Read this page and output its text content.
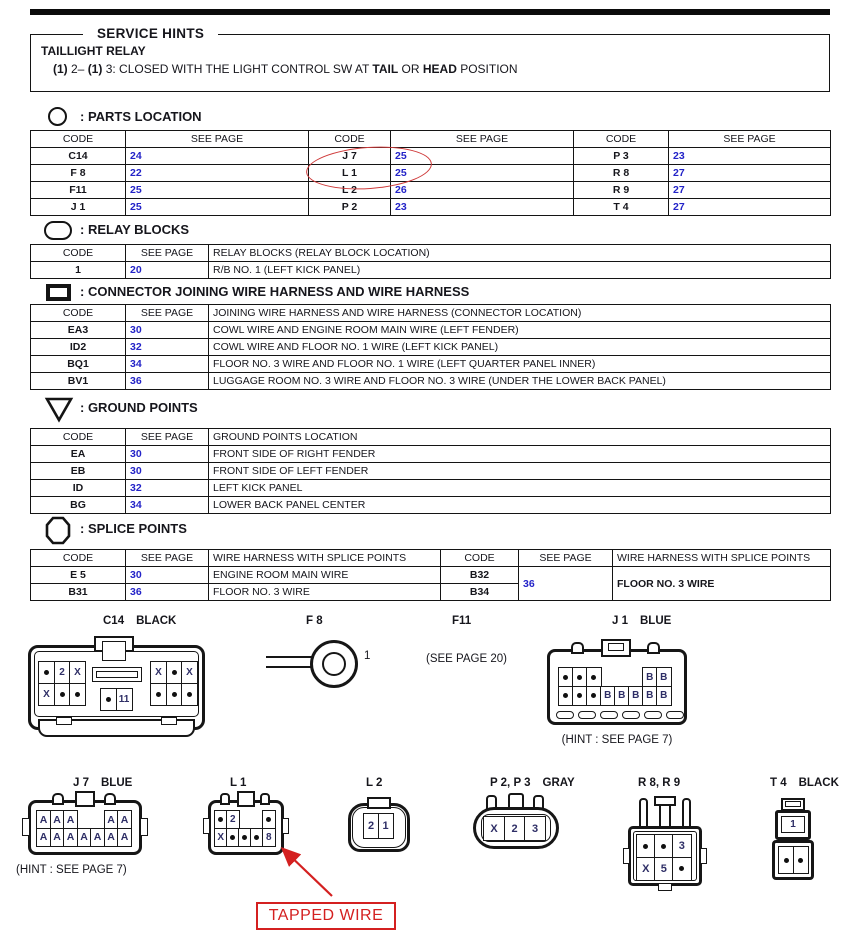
SERVICE HINTS
TAILLIGHT RELAY
(1) 2– (1) 3: CLOSED WITH THE LIGHT CONTROL SW AT TAIL OR HEAD POSITION
: PARTS LOCATION
CODE	SEE PAGE	CODE	SEE PAGE	CODE	SEE PAGE
C14	24	J 7	25	P 3	23
F 8	22	L 1	25	R 8	27
F11	25	L 2	26	R 9	27
J 1	25	P 2	23	T 4	27
: RELAY BLOCKS
CODE	SEE PAGE	RELAY BLOCKS (RELAY BLOCK LOCATION)
1	20	R/B NO. 1 (LEFT KICK PANEL)
: CONNECTOR JOINING WIRE HARNESS AND WIRE HARNESS
CODE	SEE PAGE	JOINING WIRE HARNESS AND WIRE HARNESS (CONNECTOR LOCATION)
EA3	30	COWL WIRE AND ENGINE ROOM MAIN WIRE (LEFT FENDER)
ID2	32	COWL WIRE AND FLOOR NO. 1 WIRE (LEFT KICK PANEL)
BQ1	34	FLOOR NO. 3 WIRE AND FLOOR NO. 1 WIRE (LEFT QUARTER PANEL INNER)
BV1	36	LUGGAGE ROOM NO. 3 WIRE AND FLOOR NO. 3 WIRE (UNDER THE LOWER BACK PANEL)
: GROUND POINTS
CODE	SEE PAGE	GROUND POINTS LOCATION
EA	30	FRONT SIDE OF RIGHT FENDER
EB	30	FRONT SIDE OF LEFT FENDER
ID	32	LEFT KICK PANEL
BG	34	LOWER BACK PANEL CENTER
: SPLICE POINTS
CODE	SEE PAGE	WIRE HARNESS WITH SPLICE POINTS	CODE	SEE PAGE	WIRE HARNESS WITH SPLICE POINTS
E 5	30	ENGINE ROOM MAIN WIRE	B32	36	FLOOR NO. 3 WIRE
B31	36	FLOOR NO. 3 WIRE	B34		
C14 BLACK
2 X
X	11
X	X
F 8
1
F11
(SEE PAGE 20)
J 1 BLUE
B B
B B B B B
(HINT : SEE PAGE 7)
J 7 BLUE
A A A	A A
A A A A A A A
(HINT : SEE PAGE 7)
L 1
2
X	8
L 2
2 1
P 2, P 3 GRAY
X	2	3
R 8, R 9
3
X	5
T 4 BLACK
1
TAPPED WIRE
